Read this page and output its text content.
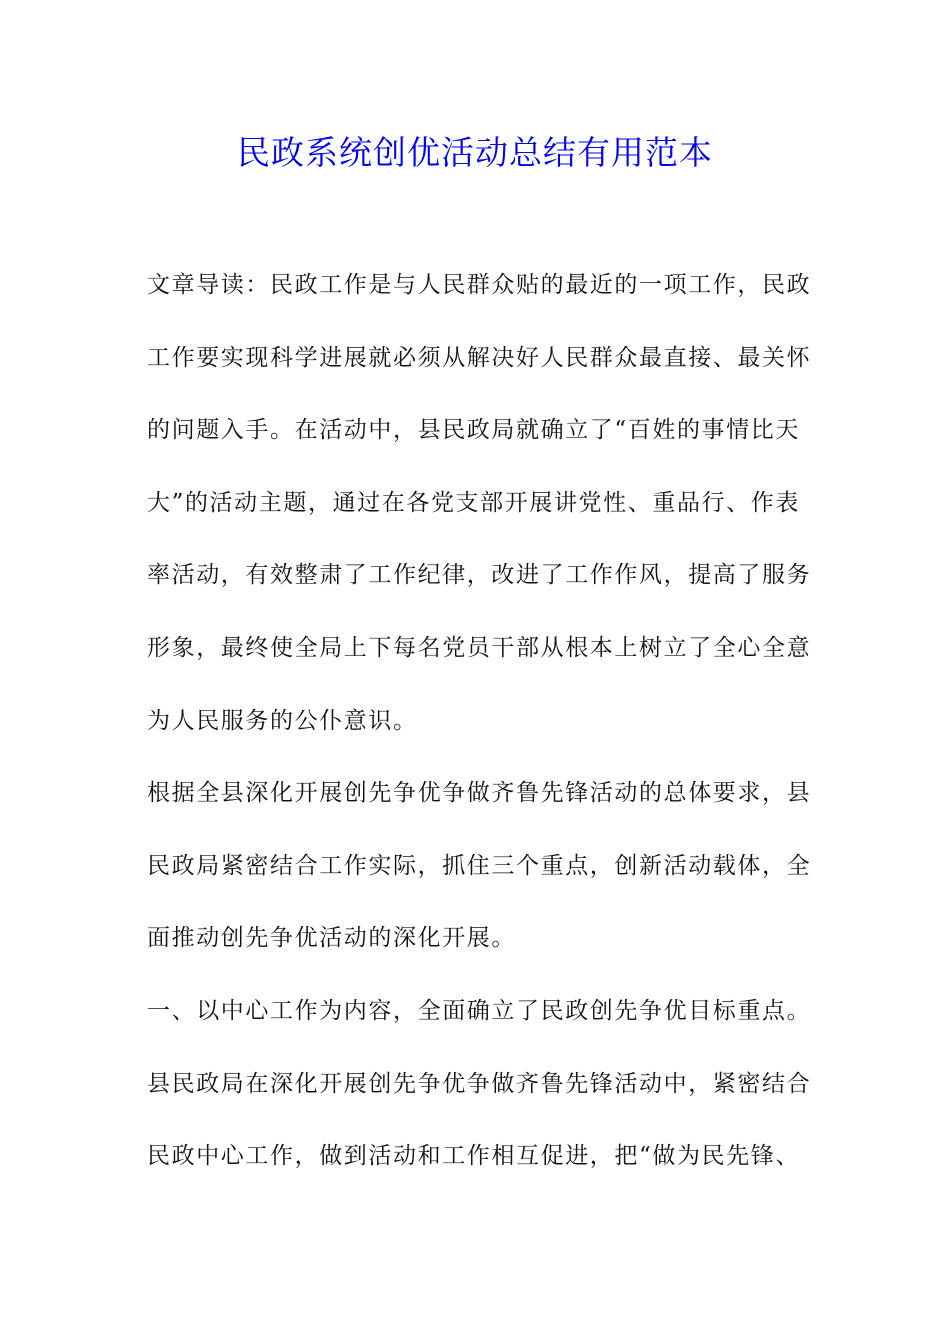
民政系统创优活动总结有用范本
文章导读：民政工作是与人民群众贴的最近的一项工作，民政
工作要实现科学进展就必须从解决好人民群众最直接、最关怀
的问题入手。在活动中，县民政局就确立了“百姓的事情比天
大”的活动主题，通过在各党支部开展讲党性、重品行、作表
率活动，有效整肃了工作纪律，改进了工作作风，提高了服务
形象，最终使全局上下每名党员干部从根本上树立了全心全意
为人民服务的公仆意识。
根据全县深化开展创先争优争做齐鲁先锋活动的总体要求，县
民政局紧密结合工作实际，抓住三个重点，创新活动载体，全
面推动创先争优活动的深化开展。
一、以中心工作为内容，全面确立了民政创先争优目标重点。
县民政局在深化开展创先争优争做齐鲁先锋活动中，紧密结合
民政中心工作，做到活动和工作相互促进，把“做为民先锋、
